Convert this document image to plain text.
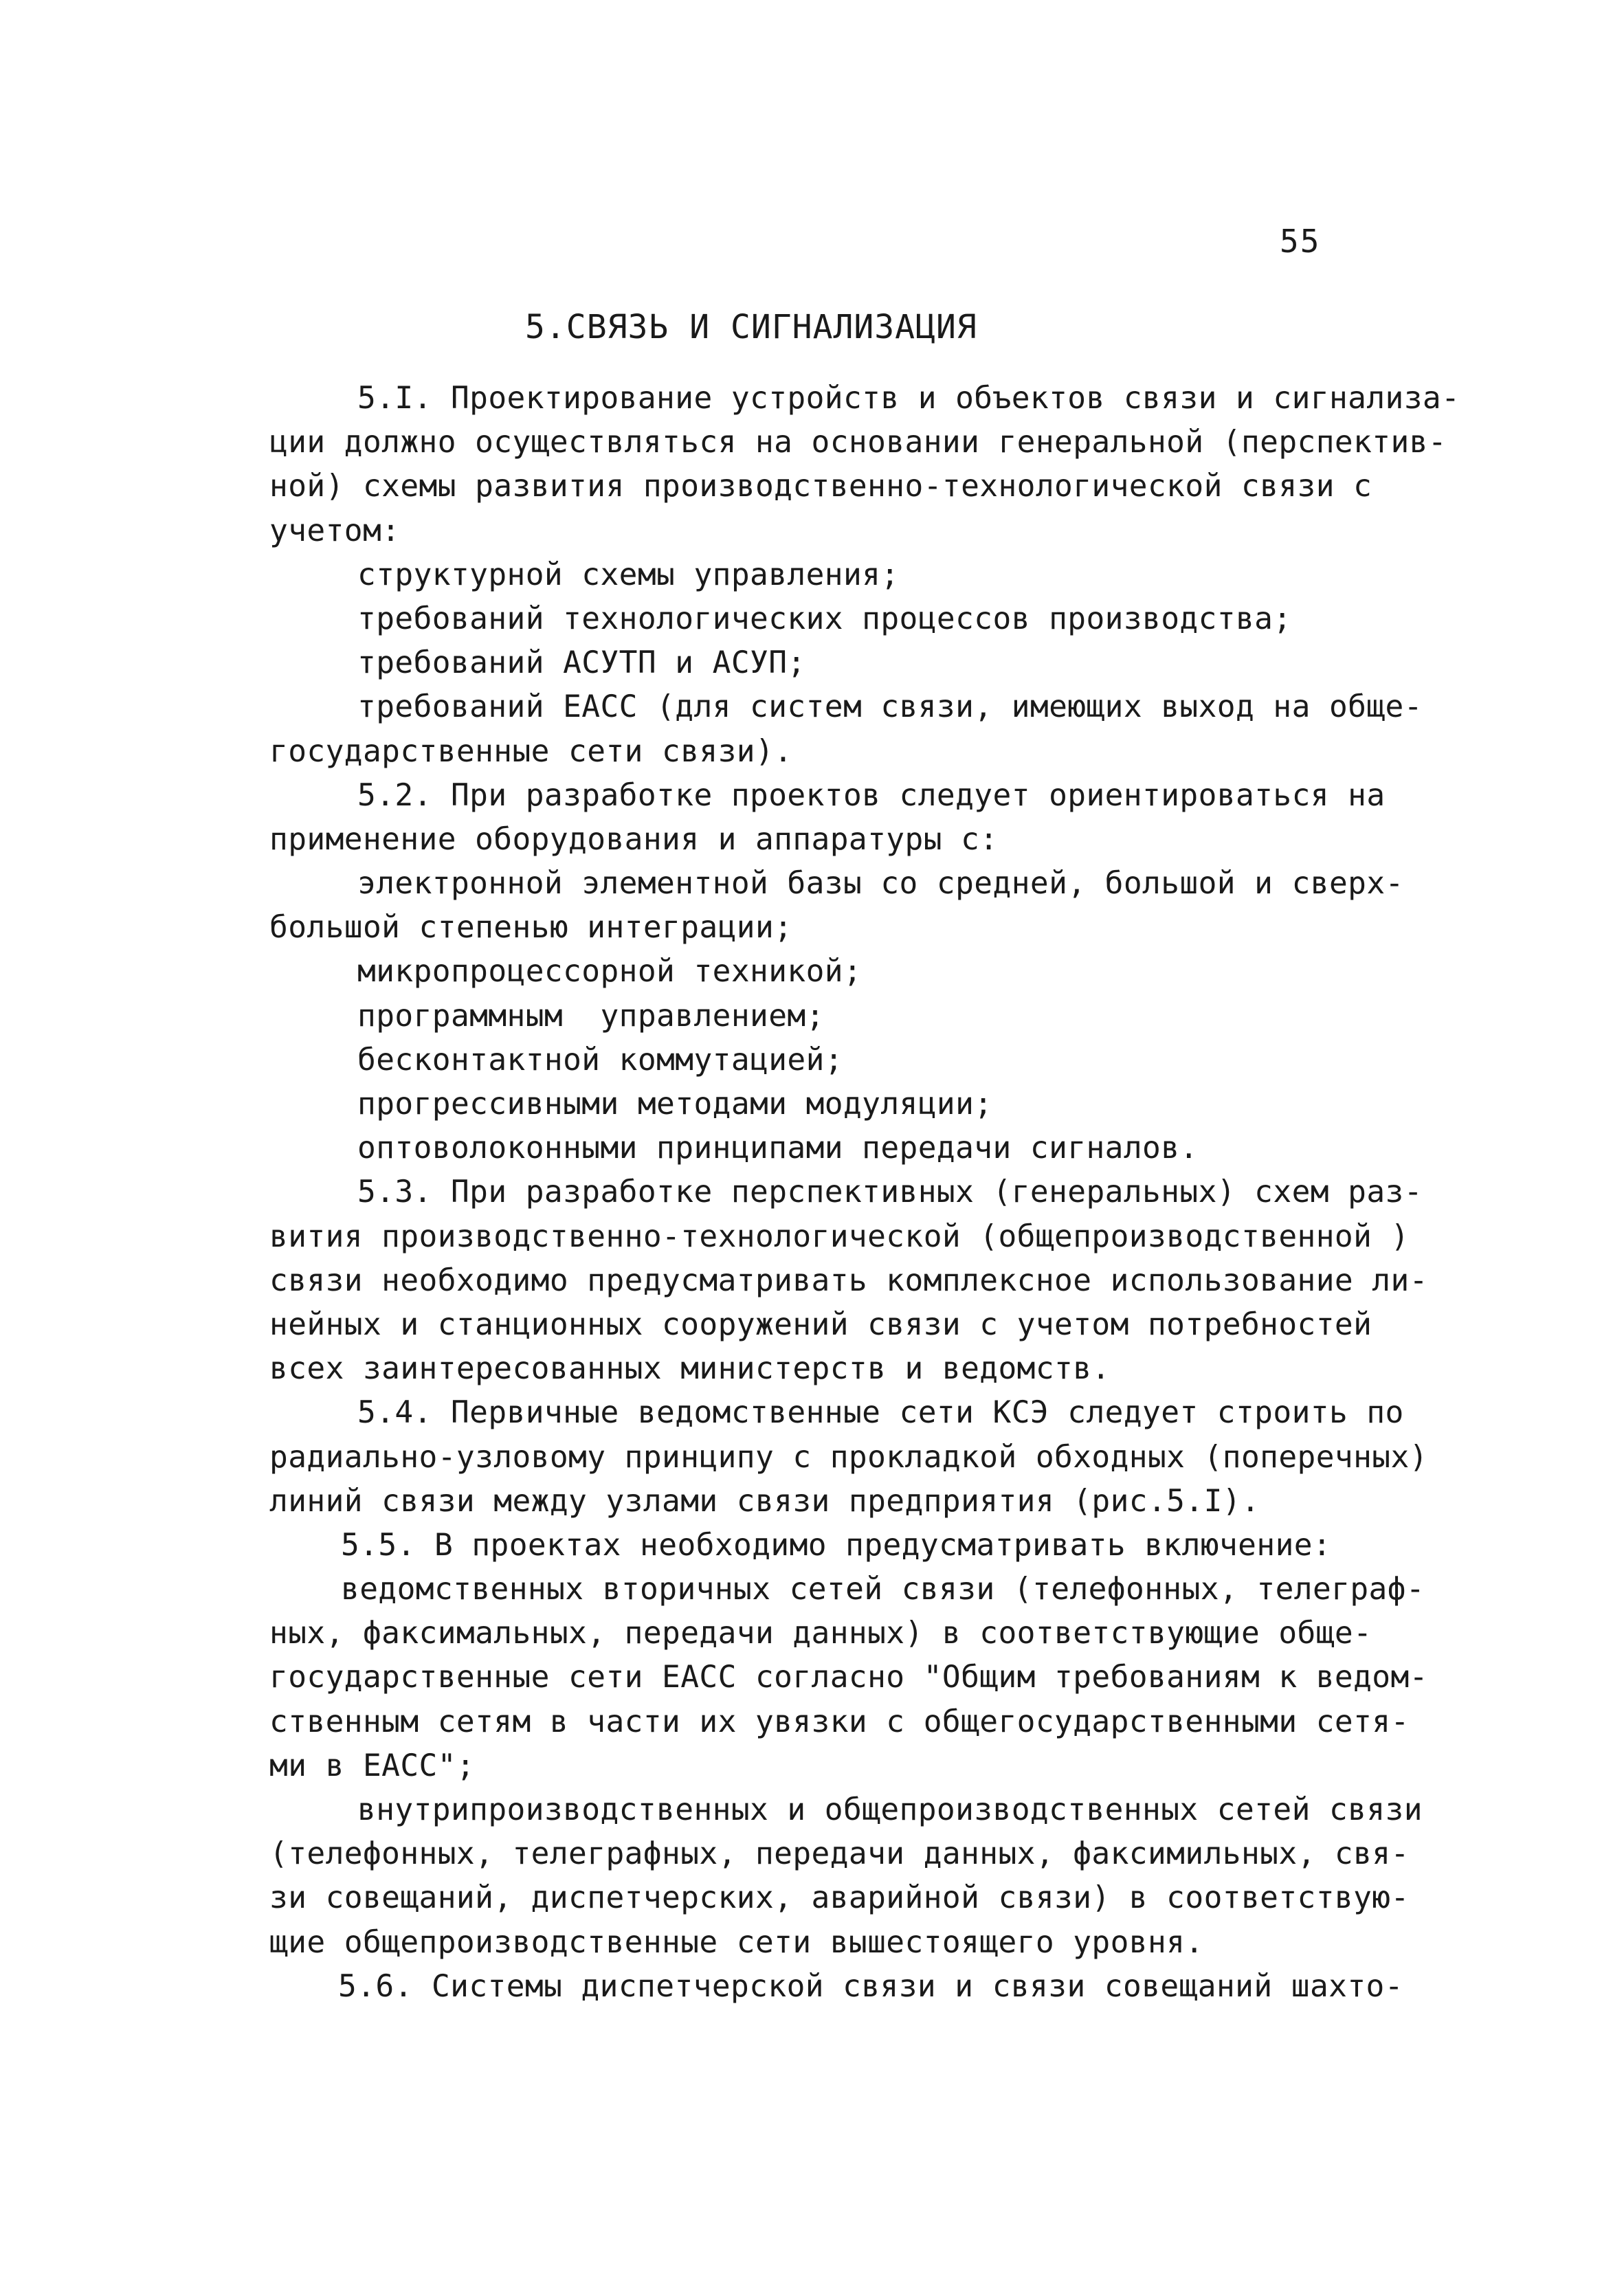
55
5.СВЯЗЬ И СИГНАЛИЗАЦИЯ
5.I. Проектирование устройств и объектов связи и сигнализа-
ции должно осуществляться на основании генеральной (перспектив-
ной) схемы развития производственно-технологической связи с
учетом:
структурной схемы управления;
требований технологических процессов производства;
требований АСУТП и АСУП;
требований ЕАСС (для систем связи, имеющих выход на обще-
государственные сети связи).
5.2. При разработке проектов следует ориентироваться на
применение оборудования и аппаратуры с:
электронной элементной базы со средней, большой и сверх-
большой степенью интеграции;
микропроцессорной техникой;
программным  управлением;
бесконтактной коммутацией;
прогрессивными методами модуляции;
оптоволоконными принципами передачи сигналов.
5.3. При разработке перспективных (генеральных) схем раз-
вития производственно-технологической (общепроизводственной )
связи необходимо предусматривать комплексное использование ли-
нейных и станционных сооружений связи с учетом потребностей
всех заинтересованных министерств и ведомств.
5.4. Первичные ведомственные сети КСЭ следует строить по
радиально-узловому принципу с прокладкой обходных (поперечных)
линий связи между узлами связи предприятия (рис.5.I).
5.5. В проектах необходимо предусматривать включение:
ведомственных вторичных сетей связи (телефонных, телеграф-
ных, факсимальных, передачи данных) в соответствующие обще-
государственные сети ЕАСС согласно "Общим требованиям к ведом-
ственным сетям в части их увязки с общегосударственными сетя-
ми в ЕАСС";
внутрипроизводственных и общепроизводственных сетей связи
(телефонных, телеграфных, передачи данных, факсимильных, свя-
зи совещаний, диспетчерских, аварийной связи) в соответствую-
щие общепроизводственные сети вышестоящего уровня.
5.6. Системы диспетчерской связи и связи совещаний шахто-
